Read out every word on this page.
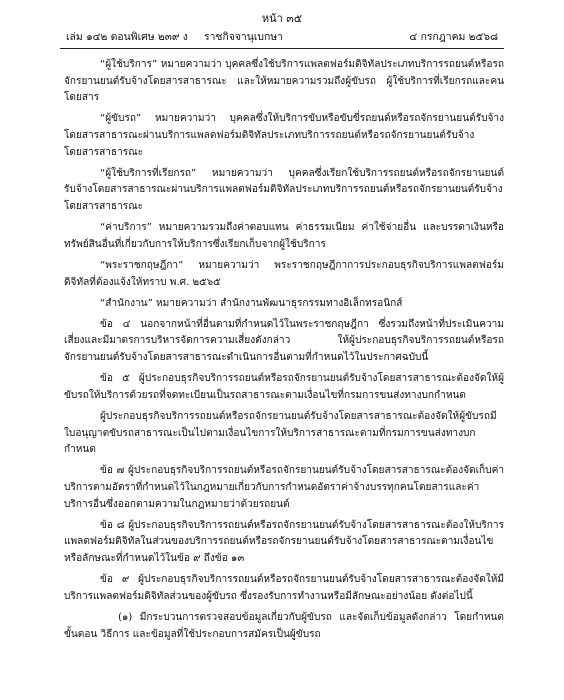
หน้า ๓๕
เล่ม ๑๔๒ ตอนพิเศษ ๒๓๙ ง ราชกิจจานุเบกษา	๔ กรกฎาคม ๒๕๖๘

“ผู้ใช้บริการ” หมายความว่า บุคคลซึ่งใช้บริการแพลตฟอร์มดิจิทัลประเภทบริการรถยนต์หรือรถจักรยานยนต์รับจ้างโดยสารสาธารณะ และให้หมายความรวมถึงผู้ขับรถ ผู้ใช้บริการที่เรียกรถและคนโดยสาร

“ผู้ขับรถ” หมายความว่า บุคคลซึ่งให้บริการขับหรือขับขี่รถยนต์หรือรถจักรยานยนต์รับจ้างโดยสารสาธารณะผ่านบริการแพลตฟอร์มดิจิทัลประเภทบริการรถยนต์หรือรถจักรยานยนต์รับจ้างโดยสารสาธารณะ

“ผู้ใช้บริการที่เรียกรถ” หมายความว่า บุคคลซึ่งเรียกใช้บริการรถยนต์หรือรถจักรยานยนต์รับจ้างโดยสารสาธารณะผ่านบริการแพลตฟอร์มดิจิทัลประเภทบริการรถยนต์หรือรถจักรยานยนต์รับจ้างโดยสารสาธารณะ

“ค่าบริการ” หมายความรวมถึงค่าตอบแทน ค่าธรรมเนียม ค่าใช้จ่ายอื่น และบรรดาเงินหรือทรัพย์สินอื่นที่เกี่ยวกับการให้บริการซึ่งเรียกเก็บจากผู้ใช้บริการ

“พระราชกฤษฎีกา” หมายความว่า พระราชกฤษฎีกาการประกอบธุรกิจบริการแพลตฟอร์มดิจิทัลที่ต้องแจ้งให้ทราบ พ.ศ. ๒๕๖๕

“สำนักงาน” หมายความว่า สำนักงานพัฒนาธุรกรรมทางอิเล็กทรอนิกส์

ข้อ ๔ นอกจากหน้าที่อื่นตามที่กำหนดไว้ในพระราชกฤษฎีกา ซึ่งรวมถึงหน้าที่ประเมินความเสี่ยงและมีมาตรการบริหารจัดการความเสี่ยงดังกล่าว ให้ผู้ประกอบธุรกิจบริการรถยนต์หรือรถจักรยานยนต์รับจ้างโดยสารสาธารณะดำเนินการอื่นตามที่กำหนดไว้ในประกาศฉบับนี้

ข้อ ๕ ผู้ประกอบธุรกิจบริการรถยนต์หรือรถจักรยานยนต์รับจ้างโดยสารสาธารณะต้องจัดให้ผู้ขับรถให้บริการด้วยรถที่จดทะเบียนเป็นรถสาธารณะตามเงื่อนไขที่กรมการขนส่งทางบกกำหนด

ผู้ประกอบธุรกิจบริการรถยนต์หรือรถจักรยานยนต์รับจ้างโดยสารสาธารณะต้องจัดให้ผู้ขับรถมีใบอนุญาตขับรถสาธารณะเป็นไปตามเงื่อนไขการให้บริการสาธารณะตามที่กรมการขนส่งทางบกกำหนด

ข้อ ๗ ผู้ประกอบธุรกิจบริการรถยนต์หรือรถจักรยานยนต์รับจ้างโดยสารสาธารณะต้องจัดเก็บค่าบริการตามอัตราที่กำหนดไว้ในกฎหมายเกี่ยวกับการกำหนดอัตราค่าจ้างบรรทุกคนโดยสารและค่าบริการอื่นซึ่งออกตามความในกฎหมายว่าด้วยรถยนต์

ข้อ ๘ ผู้ประกอบธุรกิจบริการรถยนต์หรือรถจักรยานยนต์รับจ้างโดยสารสาธารณะต้องให้บริการแพลตฟอร์มดิจิทัลในส่วนของบริการรถยนต์หรือรถจักรยานยนต์รับจ้างโดยสารสาธารณะตามเงื่อนไขหรือลักษณะที่กำหนดไว้ในข้อ ๙ ถึงข้อ ๑๓

ข้อ ๙ ผู้ประกอบธุรกิจบริการรถยนต์หรือรถจักรยานยนต์รับจ้างโดยสารสาธารณะต้องจัดให้มีบริการแพลตฟอร์มดิจิทัลส่วนของผู้ขับรถ ซึ่งรองรับการทำงานหรือมีลักษณะอย่างน้อย ดังต่อไปนี้

(๑) มีกระบวนการตรวจสอบข้อมูลเกี่ยวกับผู้ขับรถ และจัดเก็บข้อมูลดังกล่าว โดยกำหนดขั้นตอน วิธีการ และข้อมูลที่ใช้ประกอบการสมัครเป็นผู้ขับรถ
